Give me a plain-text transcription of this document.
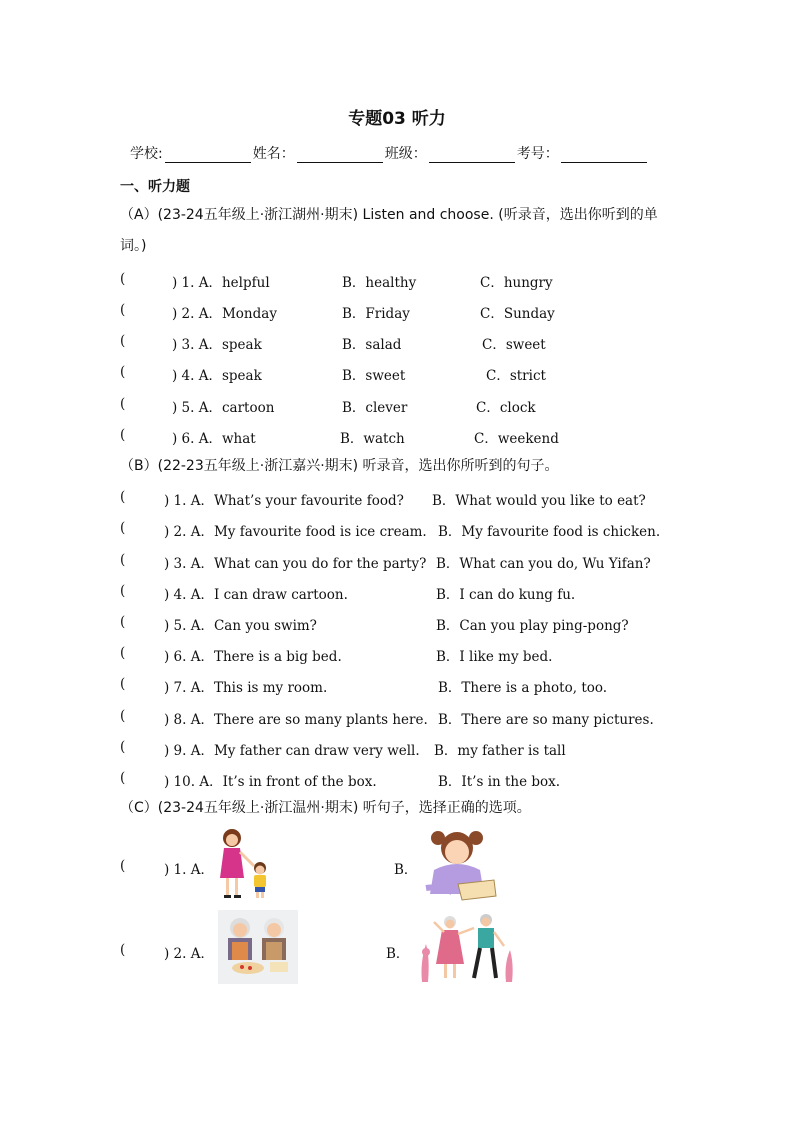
专题03 听力
学校:	姓名：	班级：	考号：
一、听力题
（A）(23-24五年级上·浙江湖州·期末) Listen and choose. (听录音，选出你听到的单词。)
(	) 1. A．helpful	B．healthy	C．hungry
(	) 2. A．Monday	B．Friday	C．Sunday
(	) 3. A．speak	B．salad	C．sweet
(	) 4. A．speak	B．sweet	C．strict
(	) 5. A．cartoon	B．clever	C．clock
(	) 6. A．what	B．watch	C．weekend
（B）(22-23五年级上·浙江嘉兴·期末) 听录音，选出你所听到的句子。
(	) 1. A．What’s your favourite food? B．What would you like to eat?
(	) 2. A．My favourite food is ice cream. B．My favourite food is chicken.
(	) 3. A．What can you do for the party? B．What can you do, Wu Yifan?
(	) 4. A．I can draw cartoon.	B．I can do kung fu.
(	) 5. A．Can you swim?	B．Can you play ping-pong?
(	) 6. A．There is a big bed.	B．I like my bed.
(	) 7. A．This is my room.	B．There is a photo, too.
(	) 8. A．There are so many plants here. B．There are so many pictures.
(	) 9. A．My father can draw very well. B．my father is tall
(	) 10. A．It’s in front of the box.	B．It’s in the box.
（C）(23-24五年级上·浙江温州·期末) 听句子，选择正确的选项。
(	) 1. A．	B．
(	) 2. A．	B．
